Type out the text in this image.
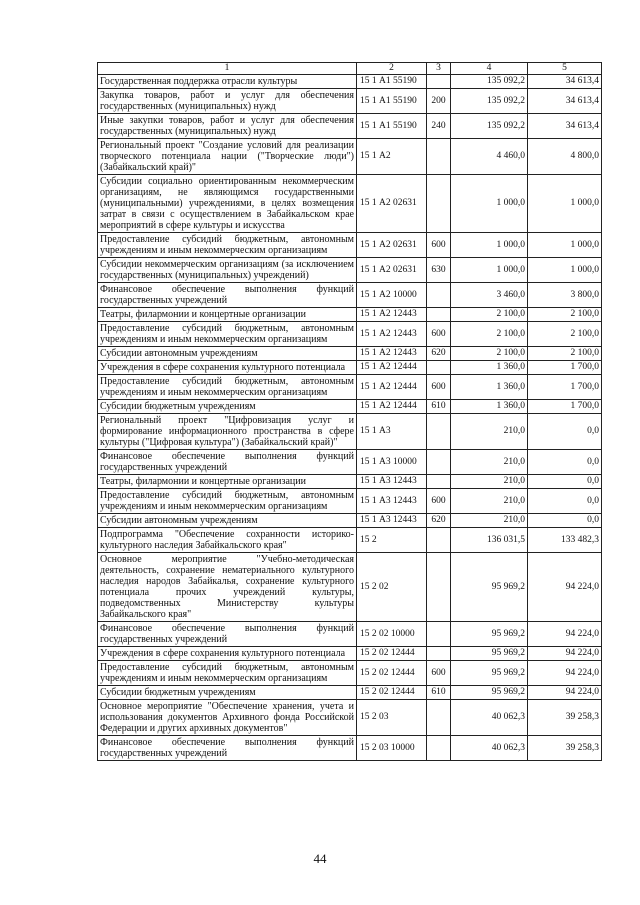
1	2	3	4	5
Государственная поддержка отрасли культуры	15 1 А1 55190		135 092,2	34 613,4
Закупка товаров, работ и услуг для обеспечения государственных (муниципальных) нужд	15 1 А1 55190	200	135 092,2	34 613,4
Иные закупки товаров, работ и услуг для обеспечения государственных (муниципальных) нужд	15 1 А1 55190	240	135 092,2	34 613,4
Региональный проект "Создание условий для реализации творческого потенциала нации ("Творческие люди") (Забайкальский край)"	15 1 А2		4 460,0	4 800,0
Субсидии социально ориентированным некоммерческим организациям, не являющимся государственными (муниципальными) учреждениями, в целях возмещения затрат в связи с осуществлением в Забайкальском крае мероприятий в сфере культуры и искусства	15 1 А2 02631		1 000,0	1 000,0
Предоставление субсидий бюджетным, автономным учреждениям и иным некоммерческим организациям	15 1 А2 02631	600	1 000,0	1 000,0
Субсидии некоммерческим организациям (за исключением государственных (муниципальных) учреждений)	15 1 А2 02631	630	1 000,0	1 000,0
Финансовое обеспечение выполнения функций государственных учреждений	15 1 А2 10000		3 460,0	3 800,0
Театры, филармонии и концертные организации	15 1 А2 12443		2 100,0	2 100,0
Предоставление субсидий бюджетным, автономным учреждениям и иным некоммерческим организациям	15 1 А2 12443	600	2 100,0	2 100,0
Субсидии автономным учреждениям	15 1 А2 12443	620	2 100,0	2 100,0
Учреждения в сфере сохранения культурного потенциала	15 1 А2 12444		1 360,0	1 700,0
Предоставление субсидий бюджетным, автономным учреждениям и иным некоммерческим организациям	15 1 А2 12444	600	1 360,0	1 700,0
Субсидии бюджетным учреждениям	15 1 А2 12444	610	1 360,0	1 700,0
Региональный проект "Цифровизация услуг и формирование информационного пространства в сфере культуры ("Цифровая культура") (Забайкальский край)"	15 1 А3		210,0	0,0
Финансовое обеспечение выполнения функций государственных учреждений	15 1 А3 10000		210,0	0,0
Театры, филармонии и концертные организации	15 1 А3 12443		210,0	0,0
Предоставление субсидий бюджетным, автономным учреждениям и иным некоммерческим организациям	15 1 А3 12443	600	210,0	0,0
Субсидии автономным учреждениям	15 1 А3 12443	620	210,0	0,0
Подпрограмма "Обеспечение сохранности историко-культурного наследия Забайкальского края"	15 2		136 031,5	133 482,3
Основное мероприятие "Учебно-методическая деятельность, сохранение нематериального культурного наследия народов Забайкалья, сохранение культурного потенциала прочих учреждений культуры, подведомственных Министерству культуры Забайкальского края"	15 2 02		95 969,2	94 224,0
Финансовое обеспечение выполнения функций государственных учреждений	15 2 02 10000		95 969,2	94 224,0
Учреждения в сфере сохранения культурного потенциала	15 2 02 12444		95 969,2	94 224,0
Предоставление субсидий бюджетным, автономным учреждениям и иным некоммерческим организациям	15 2 02 12444	600	95 969,2	94 224,0
Субсидии бюджетным учреждениям	15 2 02 12444	610	95 969,2	94 224,0
Основное мероприятие "Обеспечение хранения, учета и использования документов Архивного фонда Российской Федерации и других архивных документов"	15 2 03		40 062,3	39 258,3
Финансовое обеспечение выполнения функций государственных учреждений	15 2 03 10000		40 062,3	39 258,3
44
